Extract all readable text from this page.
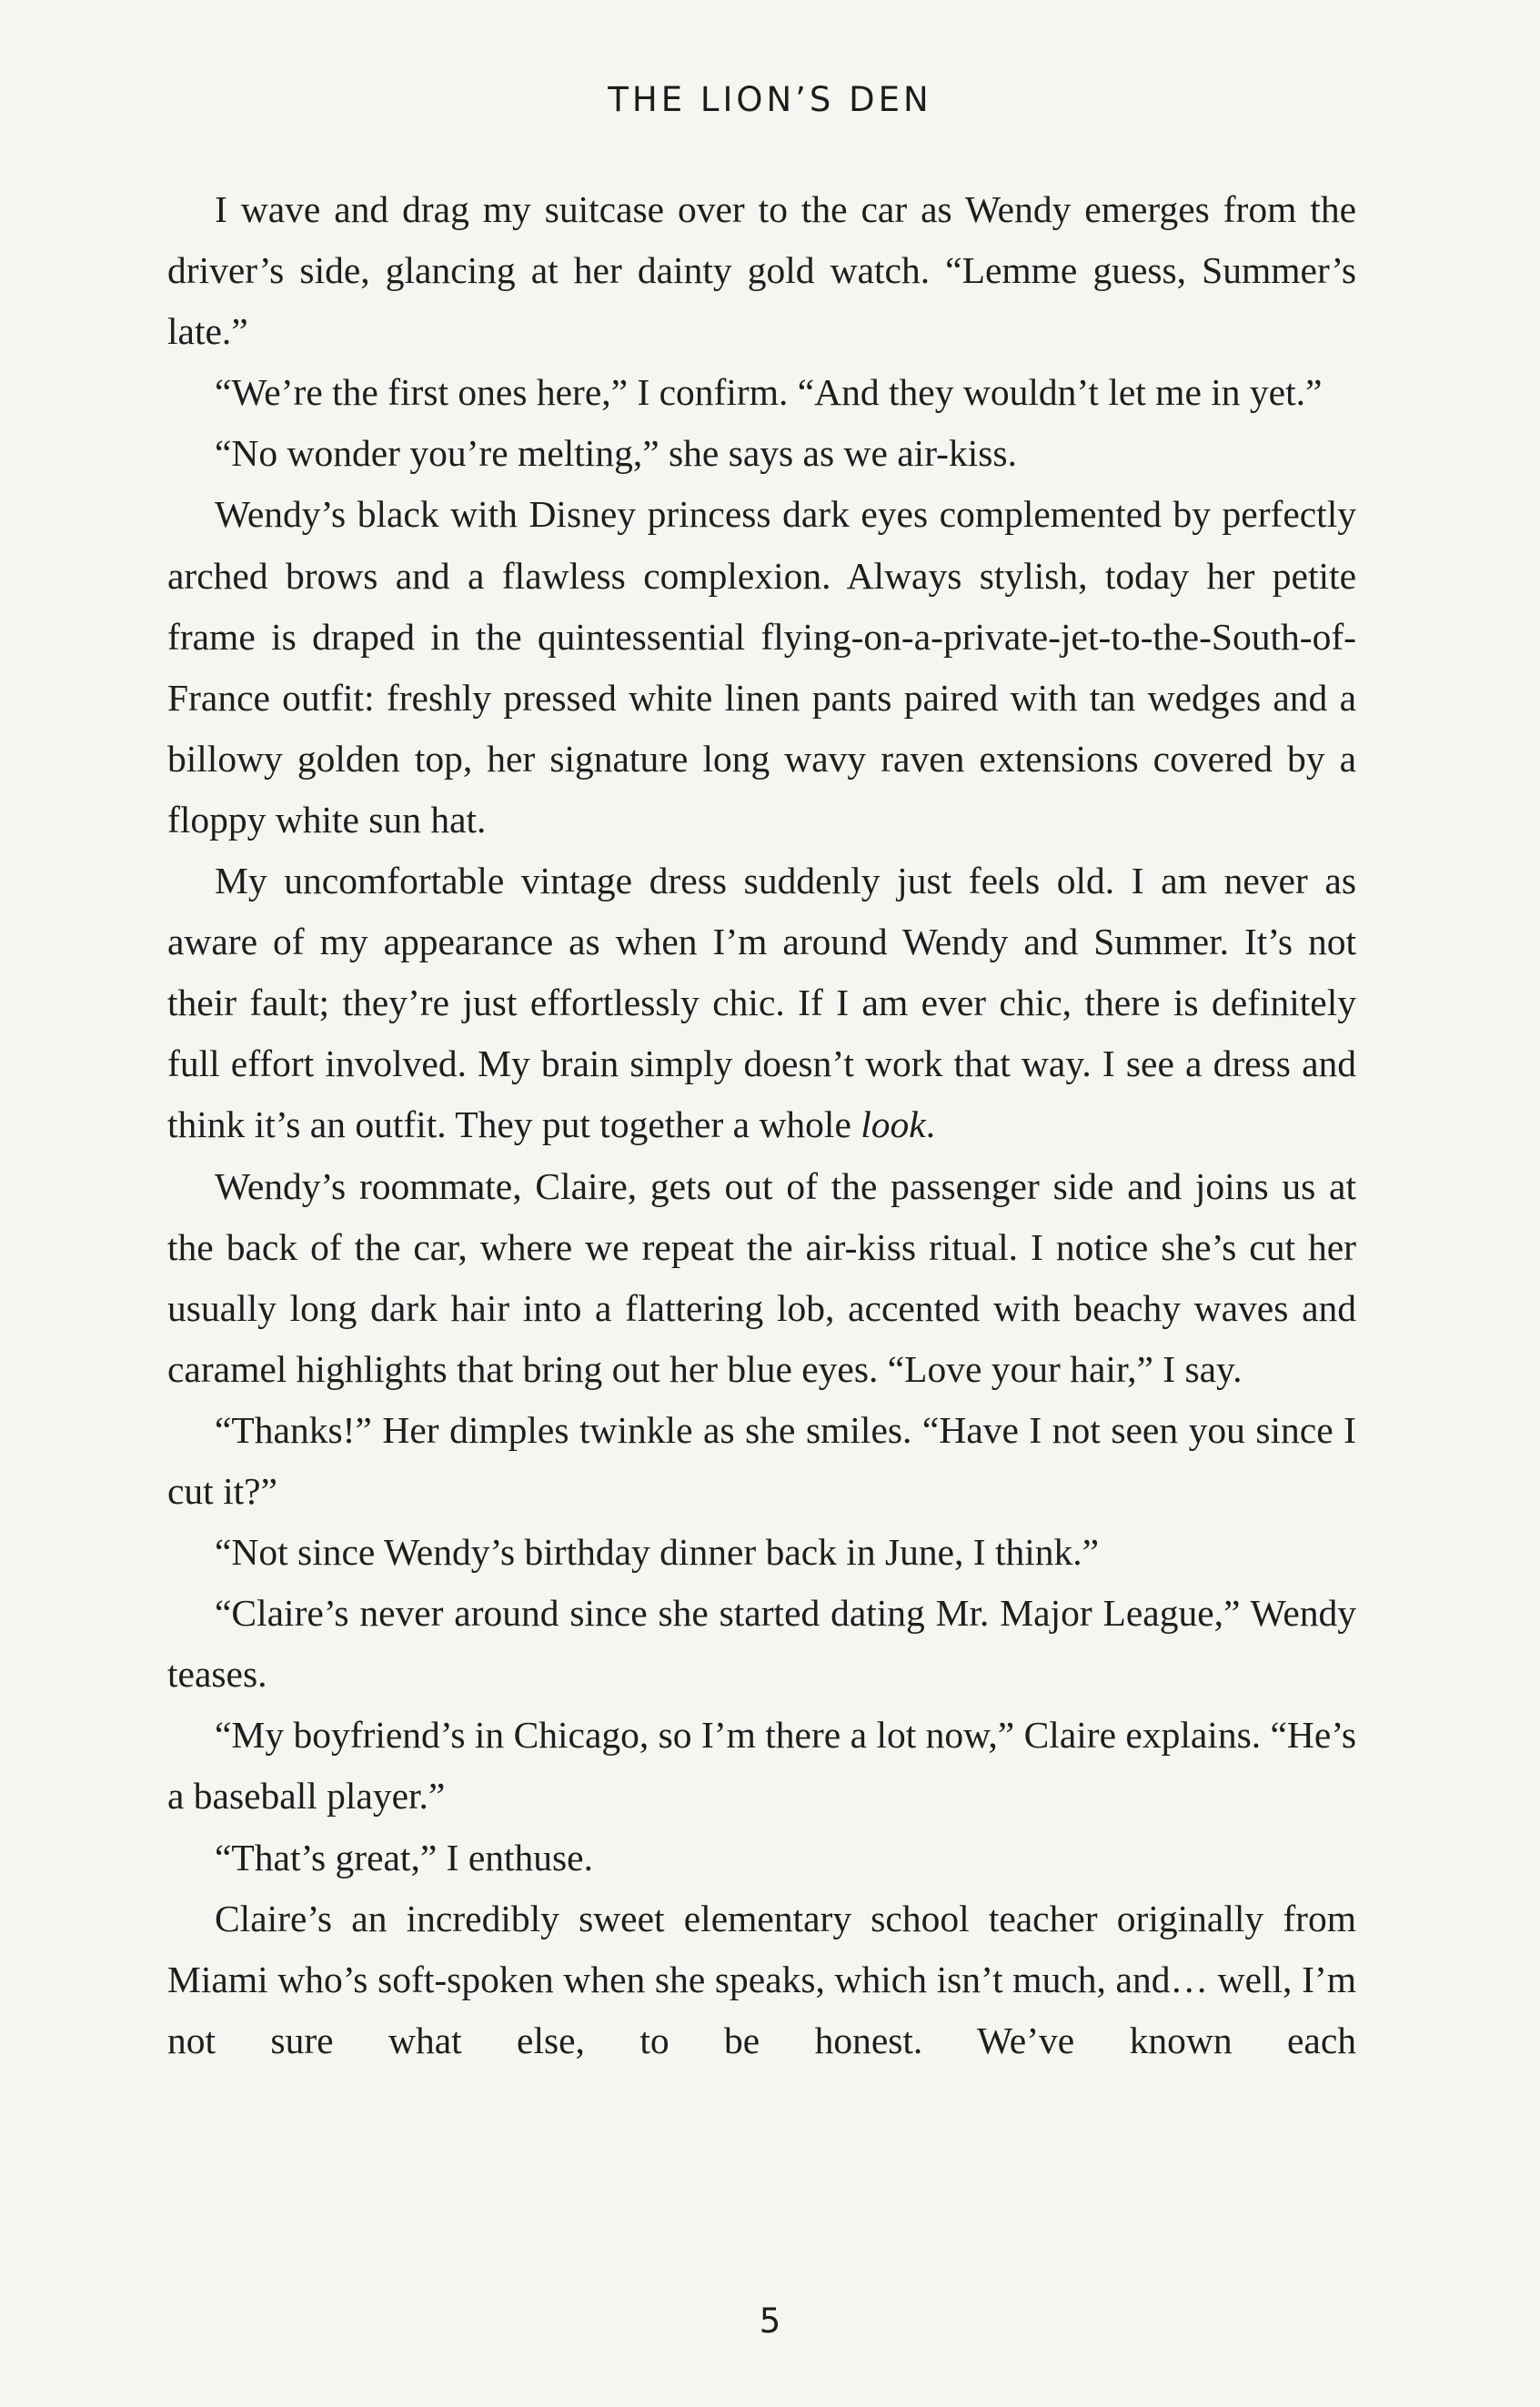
THE LION’S DEN

I wave and drag my suitcase over to the car as Wendy emerges from the driver’s side, glancing at her dainty gold watch. “Lemme guess, Summer’s late.”

“We’re the first ones here,” I confirm. “And they wouldn’t let me in yet.”

“No wonder you’re melting,” she says as we air-kiss.

Wendy’s black with Disney princess dark eyes complemented by perfectly arched brows and a flawless complexion. Always stylish, today her petite frame is draped in the quintessential flying-on-a-private-jet-to-the-South-of-France outfit: freshly pressed white linen pants paired with tan wedges and a billowy golden top, her signature long wavy raven extensions covered by a floppy white sun hat.

My uncomfortable vintage dress suddenly just feels old. I am never as aware of my appearance as when I’m around Wendy and Summer. It’s not their fault; they’re just effortlessly chic. If I am ever chic, there is definitely full effort involved. My brain simply doesn’t work that way. I see a dress and think it’s an outfit. They put together a whole look.

Wendy’s roommate, Claire, gets out of the passenger side and joins us at the back of the car, where we repeat the air-kiss ritual. I notice she’s cut her usually long dark hair into a flattering lob, accented with beachy waves and caramel highlights that bring out her blue eyes. “Love your hair,” I say.

“Thanks!” Her dimples twinkle as she smiles. “Have I not seen you since I cut it?”

“Not since Wendy’s birthday dinner back in June, I think.”

“Claire’s never around since she started dating Mr. Major League,” Wendy teases.

“My boyfriend’s in Chicago, so I’m there a lot now,” Claire explains. “He’s a baseball player.”

“That’s great,” I enthuse.

Claire’s an incredibly sweet elementary school teacher originally from Miami who’s soft-spoken when she speaks, which isn’t much, and… well, I’m not sure what else, to be honest. We’ve known each

5
